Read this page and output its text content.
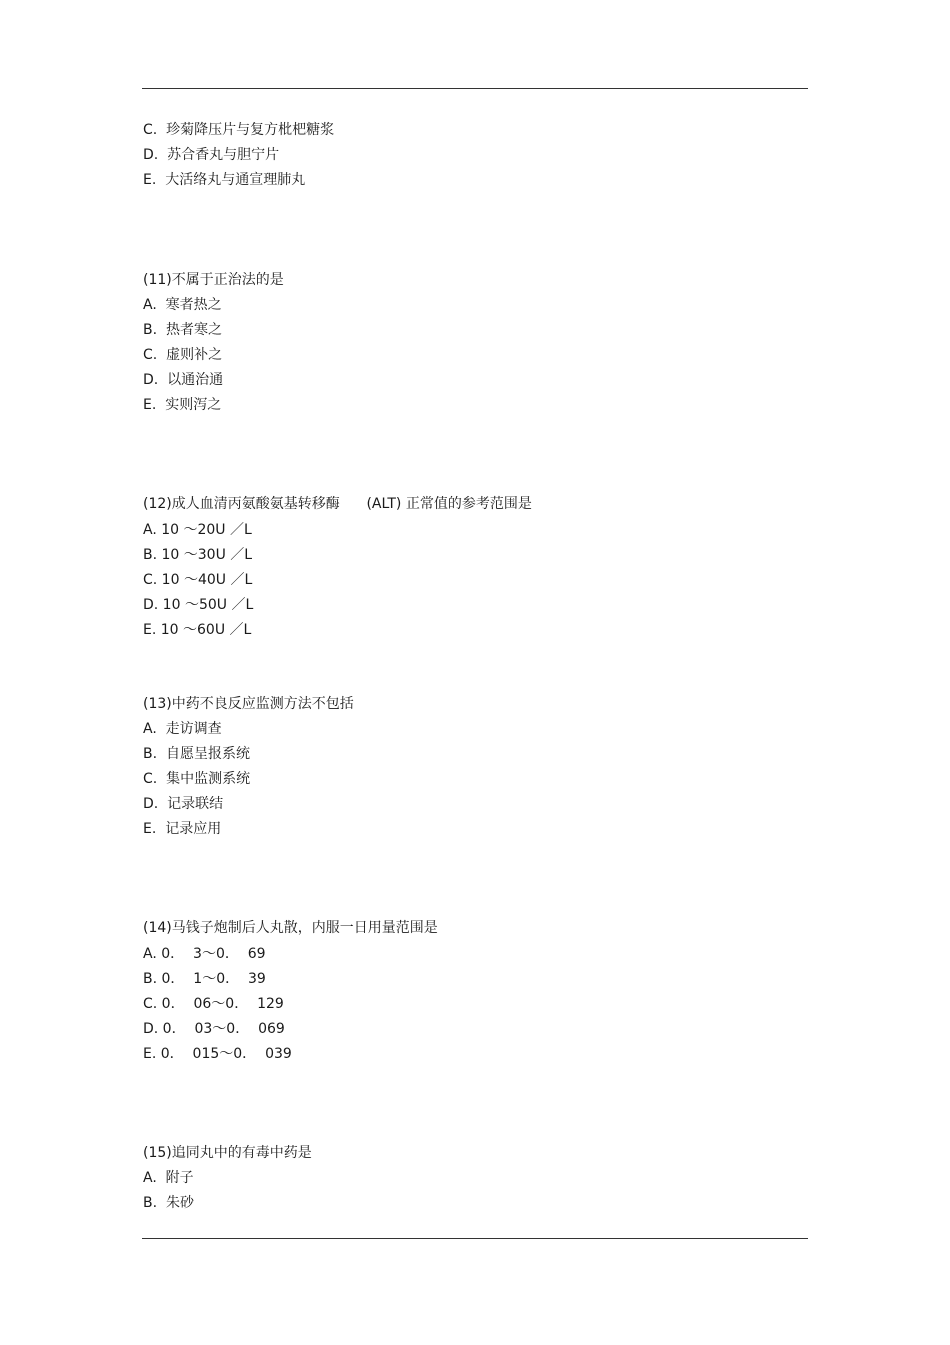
C.  珍菊降压片与复方枇杷糖浆
D.  苏合香丸与胆宁片
E.  大活络丸与通宣理肺丸
(11)不属于正治法的是
A.  寒者热之
B.  热者寒之
C.  虚则补之
D.  以通治通
E.  实则泻之
(12)成人血清丙氨酸氨基转移酶      (ALT) 正常值的参考范围是
A. 10 ～20U ／L
B. 10 ～30U ／L
C. 10 ～40U ／L
D. 10 ～50U ／L
E. 10 ～60U ／L
(13)中药不良反应监测方法不包括
A.  走访调查
B.  自愿呈报系统
C.  集中监测系统
D.  记录联结
E.  记录应用
(14)马钱子炮制后人丸散，内服一日用量范围是
A. 0．  3～0．  69
B. 0．  1～0．  39
C. 0．  06～0．  129
D. 0．  03～0．  069
E. 0．  015～0．  039
(15)追同丸中的有毒中药是
A.  附子
B.  朱砂
